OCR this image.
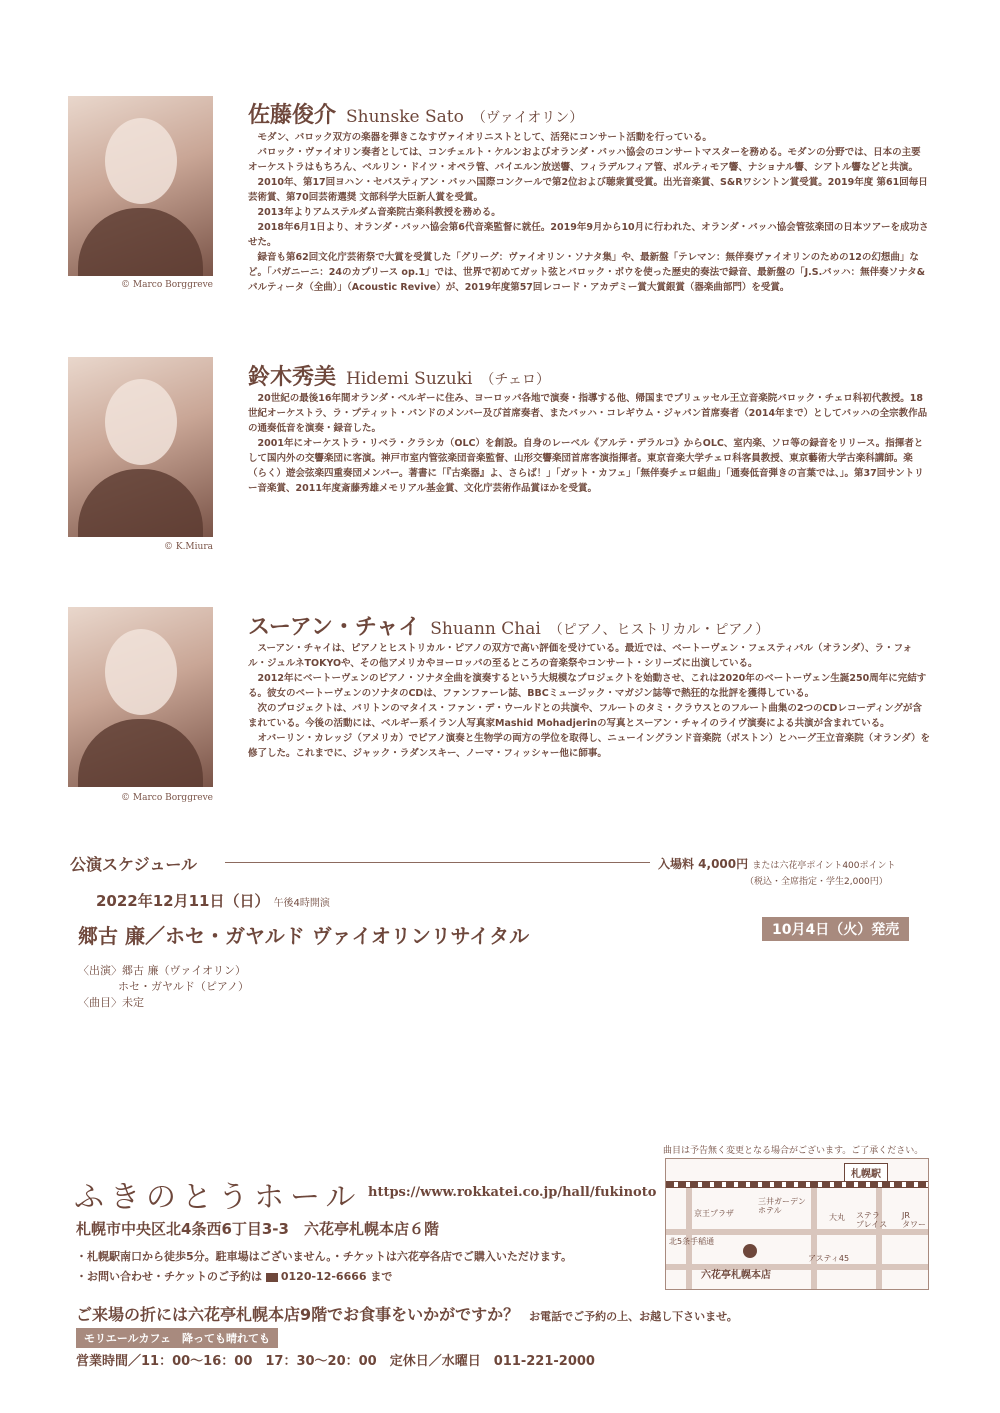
© Marco Borggreve
佐藤俊介 Shunske Sato （ヴァイオリン）

モダン、バロック双方の楽器を弾きこなすヴァイオリニストとして、活発にコンサート活動を行っている。

バロック・ヴァイオリン奏者としては、コンチェルト・ケルンおよびオランダ・バッハ協会のコンサートマスターを務める。モダンの分野では、日本の主要オーケストラはもちろん、ベルリン・ドイツ・オペラ管、バイエルン放送響、フィラデルフィア管、ボルティモア響、ナショナル響、シアトル響などと共演。

2010年、第17回ヨハン・セバスティアン・バッハ国際コンクールで第2位および聴衆賞受賞。出光音楽賞、S&Rワシントン賞受賞。2019年度 第61回毎日芸術賞、第70回芸術選奨 文部科学大臣新人賞を受賞。

2013年よりアムステルダム音楽院古楽科教授を務める。

2018年6月1日より、オランダ・バッハ協会第6代音楽監督に就任。2019年9月から10月に行われた、オランダ・バッハ協会管弦楽団の日本ツアーを成功させた。

録音も第62回文化庁芸術祭で大賞を受賞した「グリーグ：ヴァイオリン・ソナタ集」や、最新盤「テレマン：無伴奏ヴァイオリンのための12の幻想曲」など。「パガニーニ：24のカプリース op.1」では、世界で初めてガット弦とバロック・ボウを使った歴史的奏法で録音、最新盤の「J.S.バッハ：無伴奏ソナタ&パルティータ（全曲）」（Acoustic Revive）が、2019年度第57回レコード・アカデミー賞大賞銀賞（器楽曲部門）を受賞。

© K.Miura
鈴木秀美 Hidemi Suzuki （チェロ）

20世紀の最後16年間オランダ・ベルギーに住み、ヨーロッパ各地で演奏・指導する他、帰国までブリュッセル王立音楽院バロック・チェロ科初代教授。18世紀オーケストラ、ラ・プティット・バンドのメンバー及び首席奏者、またバッハ・コレギウム・ジャパン首席奏者（2014年まで）としてバッハの全宗教作品の通奏低音を演奏・録音した。

2001年にオーケストラ・リベラ・クラシカ（OLC）を創設。自身のレーベル《アルテ・デラルコ》からOLC、室内楽、ソロ等の録音をリリース。指揮者として国内外の交響楽団に客演。神戸市室内管弦楽団音楽監督、山形交響楽団首席客演指揮者。東京音楽大学チェロ科客員教授、東京藝術大学古楽科講師。楽（らく）遊会弦楽四重奏団メンバー。著書に「『古楽器』よ、さらば！」「ガット・カフェ」「無伴奏チェロ組曲」「通奏低音弾きの言葉では、」。第37回サントリー音楽賞、2011年度斎藤秀雄メモリアル基金賞、文化庁芸術作品賞ほかを受賞。

© Marco Borggreve
スーアン・チャイ Shuann Chai （ピアノ、ヒストリカル・ピアノ）

スーアン・チャイは、ピアノとヒストリカル・ピアノの双方で高い評価を受けている。最近では、ベートーヴェン・フェスティバル（オランダ）、ラ・フォル・ジュルネTOKYOや、その他アメリカやヨーロッパの至るところの音楽祭やコンサート・シリーズに出演している。

2012年にベートーヴェンのピアノ・ソナタ全曲を演奏するという大規模なプロジェクトを始動させ、これは2020年のベートーヴェン生誕250周年に完結する。彼女のベートーヴェンのソナタのCDは、ファンファーレ誌、BBCミュージック・マガジン誌等で熱狂的な批評を獲得している。

次のプロジェクトは、バリトンのマタイス・ファン・デ・ウールドとの共演や、フルートのタミ・クラウスとのフルート曲集の2つのCDレコーディングが含まれている。今後の活動には、ベルギー系イラン人写真家Mashid Mohadjerinの写真とスーアン・チャイのライヴ演奏による共演が含まれている。

オバーリン・カレッジ（アメリカ）でピアノ演奏と生物学の両方の学位を取得し、ニューイングランド音楽院（ボストン）とハーグ王立音楽院（オランダ）を修了した。これまでに、ジャック・ラダンスキー、ノーマ・フィッシャー他に師事。

公演スケジュール	入場料 4,000円 または六花亭ポイント400ポイント
（税込・全席指定・学生2,000円）
10月4日（火）発売
2022年12月11日（日） 午後4時開演
郷古 廉／ホセ・ガヤルド ヴァイオリンリサイタル
〈出演〉郷古 廉（ヴァイオリン）
ホセ・ガヤルド（ピアノ）
〈曲目〉未定
ふきのとうホール https://www.rokkatei.co.jp/hall/fukinoto
札幌市中央区北4条西6丁目3-3　六花亭札幌本店６階
・札幌駅南口から徒歩5分。駐車場はございません。・チケットは六花亭各店でご購入いただけます。
・お問い合わせ・チケットのご予約は 0120-12-6666 まで
曲目は予告無く変更となる場合がございます。ご了承ください。
札幌駅
京王プラザ
三井ガーデン
ホテル
大丸 ステラ
プレイス
JR
タワー
北5条手稲通
アスティ45
六花亭札幌本店
ご来場の折には六花亭札幌本店9階でお食事をいかがですか？ お電話でご予約の上、お越し下さいませ。
モリエールカフェ　降っても晴れても
営業時間／11：00〜16：00　17：30〜20：00　定休日／水曜日　011-221-2000
